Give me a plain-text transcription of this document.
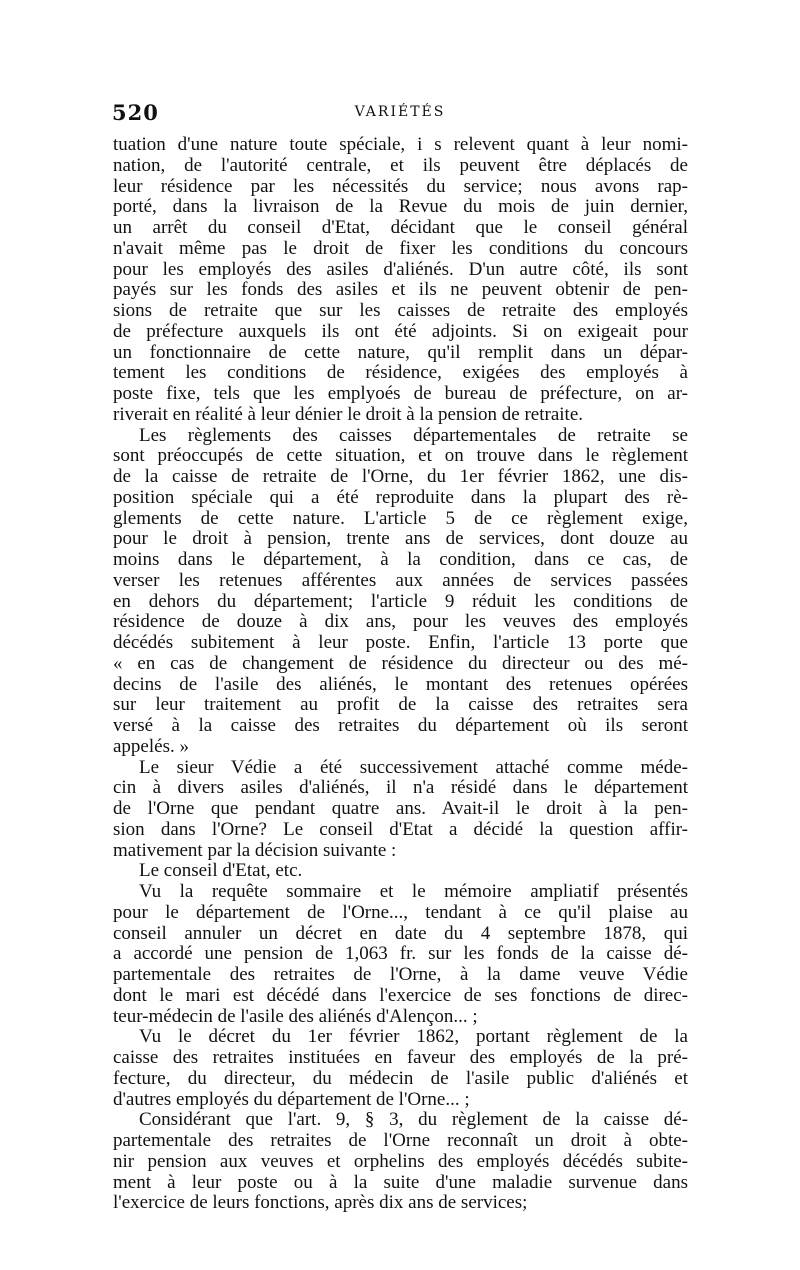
520	VARIÉTÉS
tuation d'une nature toute spéciale, i s relevent quant à leur nomi-
nation, de l'autorité centrale, et ils peuvent être déplacés de
leur résidence par les nécessités du service; nous avons rap-
porté, dans la livraison de la Revue du mois de juin dernier,
un arrêt du conseil d'Etat, décidant que le conseil général
n'avait même pas le droit de fixer les conditions du concours
pour les employés des asiles d'aliénés. D'un autre côté, ils sont
payés sur les fonds des asiles et ils ne peuvent obtenir de pen-
sions de retraite que sur les caisses de retraite des employés
de préfecture auxquels ils ont été adjoints. Si on exigeait pour
un fonctionnaire de cette nature, qu'il remplit dans un dépar-
tement les conditions de résidence, exigées des employés à
poste fixe, tels que les emplyoés de bureau de préfecture, on ar-
riverait en réalité à leur dénier le droit à la pension de retraite.
Les règlements des caisses départementales de retraite se
sont préoccupés de cette situation, et on trouve dans le règlement
de la caisse de retraite de l'Orne, du 1er février 1862, une dis-
position spéciale qui a été reproduite dans la plupart des rè-
glements de cette nature. L'article 5 de ce règlement exige,
pour le droit à pension, trente ans de services, dont douze au
moins dans le département, à la condition, dans ce cas, de
verser les retenues afférentes aux années de services passées
en dehors du département; l'article 9 réduit les conditions de
résidence de douze à dix ans, pour les veuves des employés
décédés subitement à leur poste. Enfin, l'article 13 porte que
« en cas de changement de résidence du directeur ou des mé-
decins de l'asile des aliénés, le montant des retenues opérées
sur leur traitement au profit de la caisse des retraites sera
versé à la caisse des retraites du département où ils seront
appelés. »
Le sieur Védie a été successivement attaché comme méde-
cin à divers asiles d'aliénés, il n'a résidé dans le département
de l'Orne que pendant quatre ans. Avait-il le droit à la pen-
sion dans l'Orne? Le conseil d'Etat a décidé la question affir-
mativement par la décision suivante :
Le conseil d'Etat, etc.
Vu la requête sommaire et le mémoire ampliatif présentés
pour le département de l'Orne..., tendant à ce qu'il plaise au
conseil annuler un décret en date du 4 septembre 1878, qui
a accordé une pension de 1,063 fr. sur les fonds de la caisse dé-
partementale des retraites de l'Orne, à la dame veuve Védie
dont le mari est décédé dans l'exercice de ses fonctions de direc-
teur-médecin de l'asile des aliénés d'Alençon... ;
Vu le décret du 1er février 1862, portant règlement de la
caisse des retraites instituées en faveur des employés de la pré-
fecture, du directeur, du médecin de l'asile public d'aliénés et
d'autres employés du département de l'Orne... ;
Considérant que l'art. 9, § 3, du règlement de la caisse dé-
partementale des retraites de l'Orne reconnaît un droit à obte-
nir pension aux veuves et orphelins des employés décédés subite-
ment à leur poste ou à la suite d'une maladie survenue dans
l'exercice de leurs fonctions, après dix ans de services;
